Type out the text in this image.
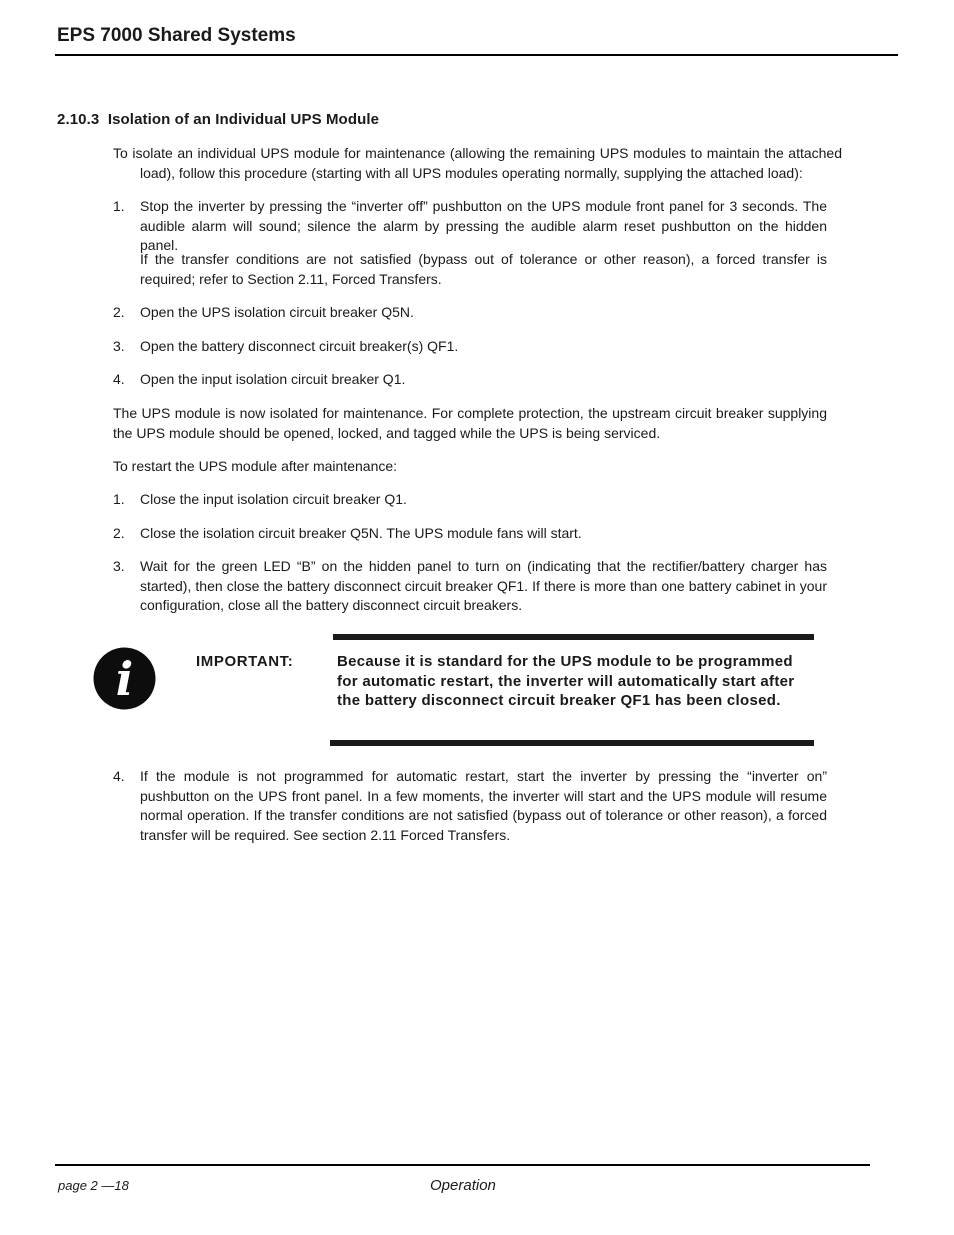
EPS 7000 Shared Systems
2.10.3  Isolation of an Individual UPS Module
To isolate an individual UPS module for maintenance (allowing the remaining UPS modules to maintain the attached load), follow this procedure (starting with all UPS modules operating normally, supplying the attached load):
1.	Stop the inverter by pressing the “inverter off” pushbutton on the UPS module front panel for 3 seconds. The audible alarm will sound; silence the alarm by pressing the audible alarm reset pushbutton on the hidden panel.
If the transfer conditions are not satisfied (bypass out of tolerance or other reason), a forced transfer is required; refer to Section 2.11, Forced Transfers.
2.	Open the UPS isolation circuit breaker Q5N.
3.	Open the battery disconnect circuit breaker(s) QF1.
4.	Open the input isolation circuit breaker Q1.
The UPS module is now isolated for maintenance. For complete protection, the upstream circuit breaker supplying the UPS module should be opened, locked, and tagged while the UPS is being serviced.
To restart the UPS module after maintenance:
1.	Close the input isolation circuit breaker Q1.
2.	Close the isolation circuit breaker Q5N. The UPS module fans will start.
3.	Wait for the green LED “B” on the hidden panel to turn on (indicating that the rectifier/battery charger has started), then close the battery disconnect circuit breaker QF1. If there is more than one battery cabinet in your configuration, close all the battery disconnect circuit breakers.
i	IMPORTANT:	Because it is standard for the UPS module to be programmed for automatic restart, the inverter will automatically start after the battery disconnect circuit breaker QF1 has been closed.
4.	If the module is not programmed for automatic restart, start the inverter by pressing the “inverter on” pushbutton on the UPS front panel. In a few moments, the inverter will start and the UPS module will resume normal operation. If the transfer conditions are not satisfied (bypass out of tolerance or other reason), a forced transfer will be required. See section 2.11 Forced Transfers.
page 2 —18	Operation
